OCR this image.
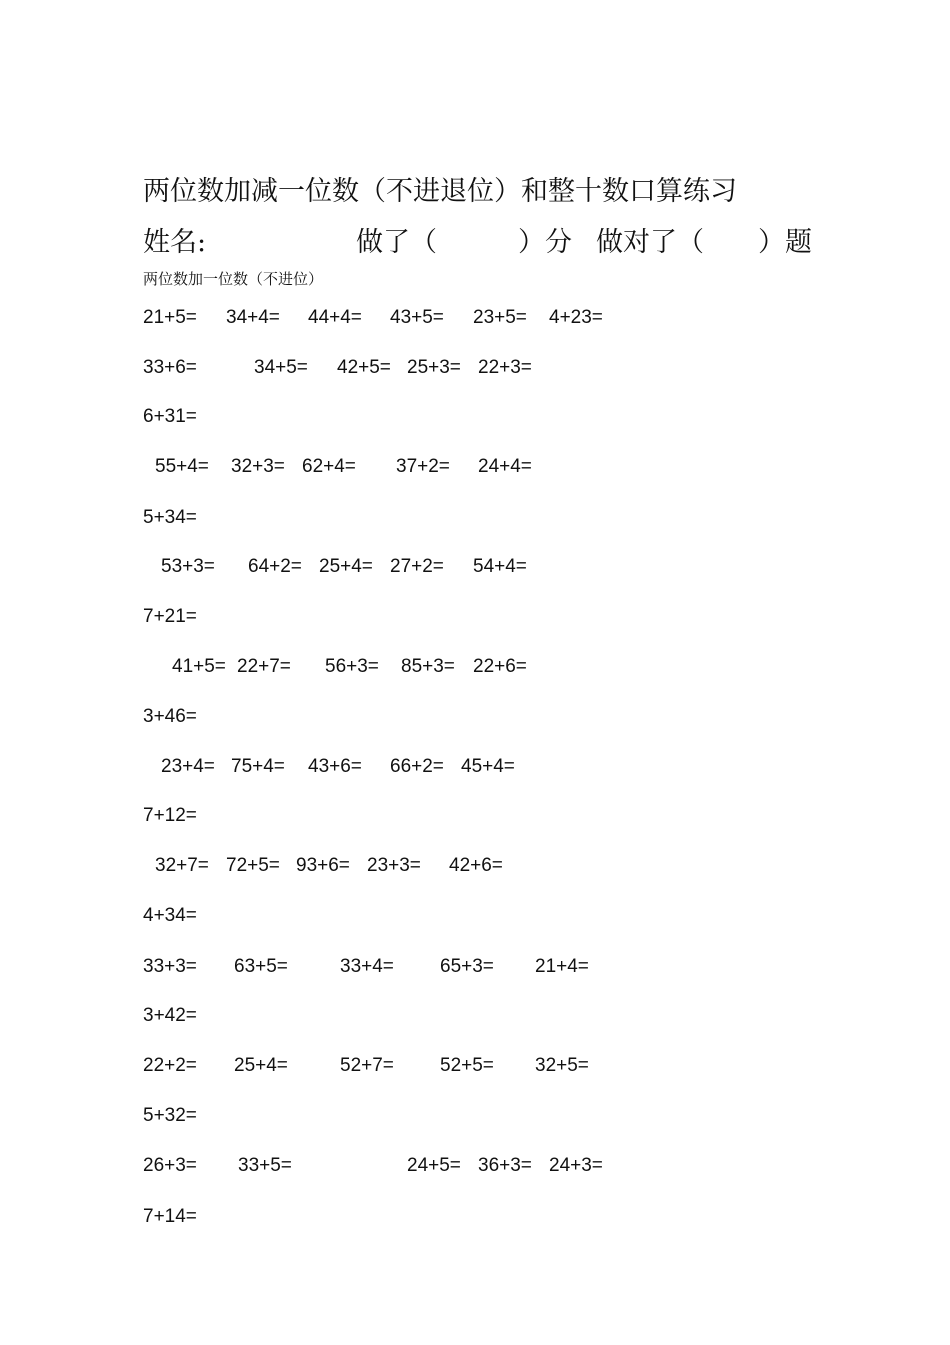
两位数加减一位数（不进退位）和整十数口算练习
姓名:	做了（　　　）分 做对了（　　）题
两位数加一位数（不进位）
21+5= 34+4= 44+4= 43+5= 23+5= 4+23=
33+6=	34+5= 42+5= 25+3= 22+3=
6+31=
55+4= 32+3= 62+4= 37+2= 24+4=
5+34=
53+3= 64+2= 25+4= 27+2= 54+4=
7+21=
41+5= 22+7= 56+3= 85+3= 22+6=
3+46=
23+4= 75+4= 43+6= 66+2= 45+4=
7+12=
32+7= 72+5= 93+6= 23+3= 42+6=
4+34=
33+3= 63+5=	33+4= 65+3= 21+4=
3+42=
22+2= 25+4=	52+7= 52+5= 32+5=
5+32=
26+3= 33+5=	24+5= 36+3= 24+3=
7+14=
